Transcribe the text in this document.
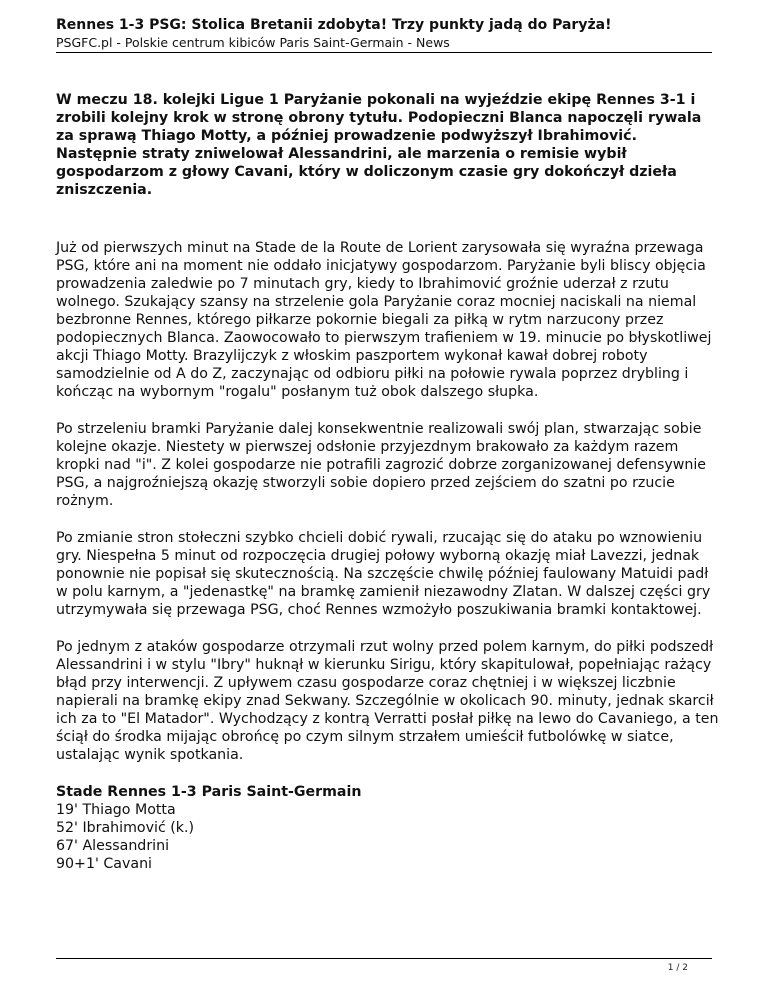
Rennes 1-3 PSG: Stolica Bretanii zdobyta! Trzy punkty jadą do Paryża!
PSGFC.pl - Polskie centrum kibiców Paris Saint-Germain - News

W meczu 18. kolejki Ligue 1 Paryżanie pokonali na wyjeździe ekipę Rennes 3-1 i zrobili kolejny krok w stronę obrony tytułu. Podopieczni Blanca napoczęli rywala za sprawą Thiago Motty, a później prowadzenie podwyższył Ibrahimović. Następnie straty zniwelował Alessandrini, ale marzenia o remisie wybił gospodarzom z głowy Cavani, który w doliczonym czasie gry dokończył dzieła zniszczenia.

Już od pierwszych minut na Stade de la Route de Lorient zarysowała się wyraźna przewaga PSG, które ani na moment nie oddało inicjatywy gospodarzom. Paryżanie byli bliscy objęcia prowadzenia zaledwie po 7 minutach gry, kiedy to Ibrahimović groźnie uderzał z rzutu wolnego. Szukający szansy na strzelenie gola Paryżanie coraz mocniej naciskali na niemal bezbronne Rennes, którego piłkarze pokornie biegali za piłką w rytm narzucony przez podopiecznych Blanca. Zaowocowało to pierwszym trafieniem w 19. minucie po błyskotliwej akcji Thiago Motty. Brazylijczyk z włoskim paszportem wykonał kawał dobrej roboty samodzielnie od A do Z, zaczynając od odbioru piłki na połowie rywala poprzez drybling i kończąc na wybornym "rogalu" posłanym tuż obok dalszego słupka.

Po strzeleniu bramki Paryżanie dalej konsekwentnie realizowali swój plan, stwarzając sobie kolejne okazje. Niestety w pierwszej odsłonie przyjezdnym brakowało za każdym razem kropki nad "i". Z kolei gospodarze nie potrafili zagrozić dobrze zorganizowanej defensywnie PSG, a najgroźniejszą okazję stworzyli sobie dopiero przed zejściem do szatni po rzucie rożnym.

Po zmianie stron stołeczni szybko chcieli dobić rywali, rzucając się do ataku po wznowieniu gry. Niespełna 5 minut od rozpoczęcia drugiej połowy wyborną okazję miał Lavezzi, jednak ponownie nie popisał się skutecznością. Na szczęście chwilę później faulowany Matuidi padł w polu karnym, a "jedenastkę" na bramkę zamienił niezawodny Zlatan. W dalszej części gry utrzymywała się przewaga PSG, choć Rennes wzmożyło poszukiwania bramki kontaktowej.

Po jednym z ataków gospodarze otrzymali rzut wolny przed polem karnym, do piłki podszedł Alessandrini i w stylu "Ibry" huknął w kierunku Sirigu, który skapitulował, popełniając rażący błąd przy interwencji. Z upływem czasu gospodarze coraz chętniej i w większej liczbnie napierali na bramkę ekipy znad Sekwany. Szczególnie w okolicach 90. minuty, jednak skarcił ich za to "El Matador". Wychodzący z kontrą Verratti posłał piłkę na lewo do Cavaniego, a ten ściął do środka mijając obrońcę po czym silnym strzałem umieścił futbolówkę w siatce, ustalając wynik spotkania.

Stade Rennes 1-3 Paris Saint-Germain
19' Thiago Motta
52' Ibrahimović (k.)
67' Alessandrini
90+1' Cavani
1 / 2
